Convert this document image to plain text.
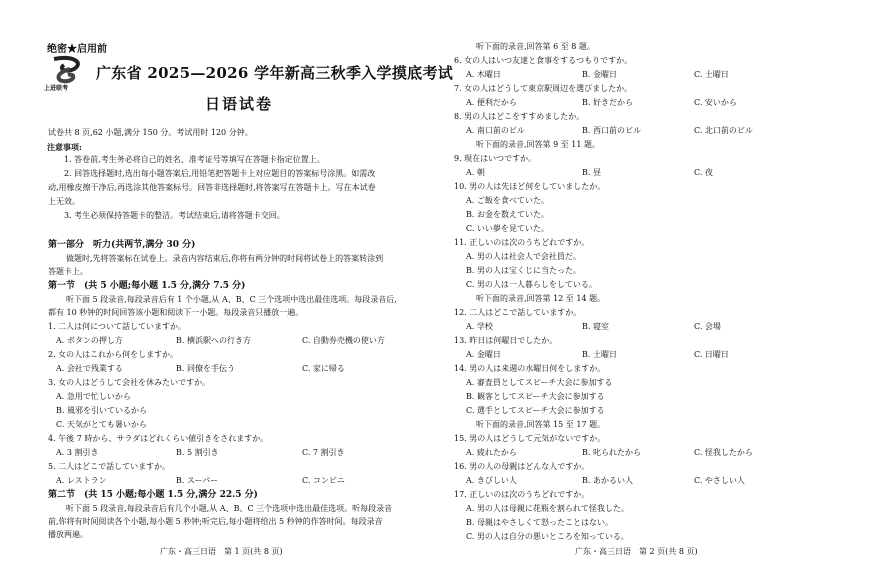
绝密★启用前
上进联考
广东省 2025—2026 学年新高三秋季入学摸底考试
日语试卷
试卷共 8 页,62 小题,满分 150 分。考试用时 120 分钟。
注意事项:
1. 答卷前,考生务必将自己的姓名、准考证号等填写在答题卡指定位置上。
2. 回答选择题时,选出每小题答案后,用铅笔把答题卡上对应题目的答案标号涂黑。如需改
动,用橡皮擦干净后,再选涂其他答案标号。回答非选择题时,将答案写在答题卡上。写在本试卷
上无效。
3. 考生必须保持答题卡的整洁。考试结束后,请将答题卡交回。
第一部分　听力(共两节,满分 30 分)
做题时,先将答案标在试卷上。录音内容结束后,你将有两分钟的时间将试卷上的答案转涂到
答题卡上。
第一节　(共 5 小题;每小题 1.5 分,满分 7.5 分)
听下面 5 段录音,每段录音后有 1 个小题,从 A、B、C 三个选项中选出最佳选项。每段录音后,
都有 10 秒钟的时间回答该小题和阅读下一小题。每段录音只播放一遍。
1. 二人は何について話していますか。
A. ボタンの押し方	B. 横浜駅への行き方	C. 自動券売機の使い方
2. 女の人はこれから何をしますか。
A. 会社で残業する	B. 同僚を手伝う	C. 家に帰る
3. 女の人はどうして会社を休みたいですか。
A. 急用で忙しいから
B. 風邪を引いているから
C. 天気がとても暑いから
4. 午後 7 時から、サラダはどれくらい値引きをされますか。
A. 3 割引き	B. 5 割引き	C. 7 割引き
5. 二人はどこで話していますか。
A. レストラン	B. スーパー	C. コンビニ
第二节　(共 15 小题;每小题 1.5 分,满分 22.5 分)
听下面 5 段录音,每段录音后有几个小题,从 A、B、C 三个选项中选出最佳选项。听每段录音
前,你将有时间阅读各个小题,每小题 5 秒钟;听完后,每小题将给出 5 秒钟的作答时间。每段录音
播放两遍。
听下面的录音,回答第 6 至 8 题。
6. 女の人はいつ友達と食事をするつもりですか。
A. 木曜日	B. 金曜日	C. 土曜日
7. 女の人はどうして東京駅周辺を選びましたか。
A. 便利だから	B. 好きだから	C. 安いから
8. 男の人はどこをすすめましたか。
A. 南口前のビル	B. 西口前のビル	C. 北口前のビル
听下面的录音,回答第 9 至 11 题。
9. 現在はいつですか。
A. 朝	B. 昼	C. 夜
10. 男の人は先ほど何をしていましたか。
A. ご飯を食べていた。
B. お金を数えていた。
C. いい夢を見ていた。
11. 正しいのは次のうちどれですか。
A. 男の人は社会人で会社員だ。
B. 男の人は宝くじに当たった。
C. 男の人は一人暮らしをしている。
听下面的录音,回答第 12 至 14 题。
12. 二人はどこで話していますか。
A. 学校	B. 寝室	C. 会場
13. 昨日は何曜日でしたか。
A. 金曜日	B. 土曜日	C. 日曜日
14. 男の人は来週の水曜日何をしますか。
A. 審査員としてスピーチ大会に参加する
B. 観客としてスピーチ大会に参加する
C. 選手としてスピーチ大会に参加する
听下面的录音,回答第 15 至 17 题。
15. 男の人はどうして元気がないですか。
A. 疲れたから	B. 叱られたから	C. 怪我したから
16. 男の人の母親はどんな人ですか。
A. きびしい人	B. あかるい人	C. やさしい人
17. 正しいのは次のうちどれですか。
A. 男の人は母親に花瓶を割られて怪我した。
B. 母親はやさしくて怒ったことはない。
C. 男の人は自分の悪いところを知っている。
广东・高三日语　第 1 页(共 8 页)	广东・高三日语　第 2 页(共 8 页)
